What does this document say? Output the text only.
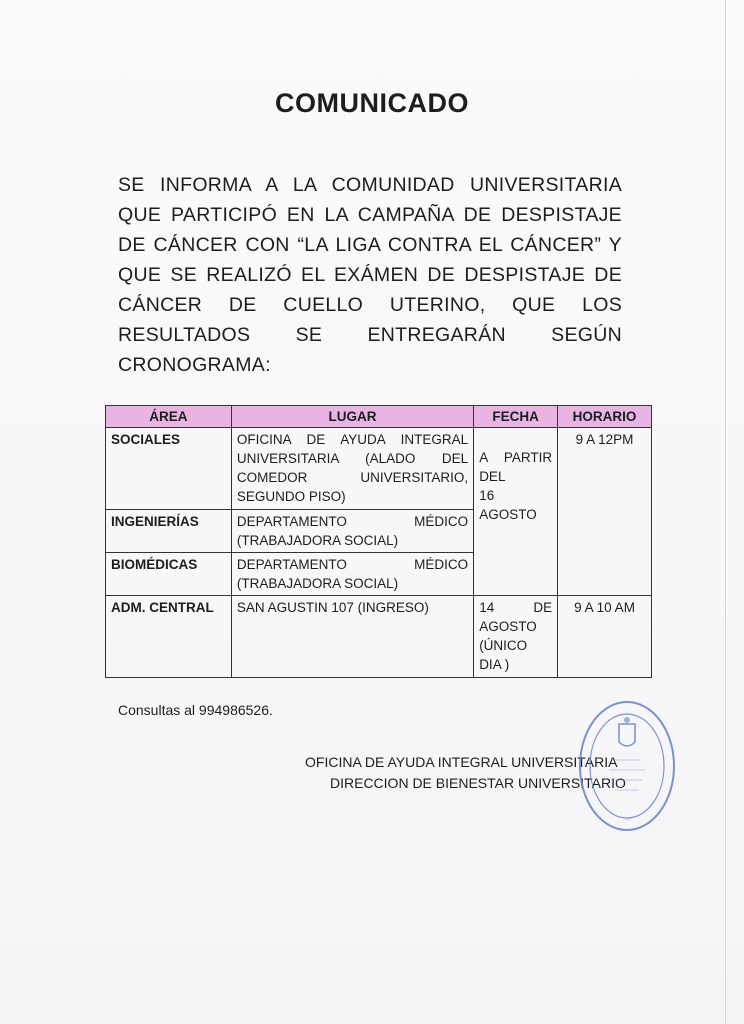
COMUNICADO
SE INFORMA A LA COMUNIDAD UNIVERSITARIA
QUE PARTICIPÓ EN LA CAMPAÑA DE DESPISTAJE
DE CÁNCER CON “LA LIGA CONTRA EL CÁNCER” Y
QUE SE REALIZÓ EL EXÁMEN DE DESPISTAJE DE
CÁNCER DE CUELLO UTERINO, QUE LOS
RESULTADOS SE ENTREGARÁN SEGÚN
CRONOGRAMA:
ÁREA	LUGAR	FECHA	HORARIO
SOCIALES	OFICINA DE AYUDA INTEGRAL
UNIVERSITARIA (ALADO DEL
COMEDOR UNIVERSITARIO,
SEGUNDO PISO)	A PARTIR
DEL
16
AGOSTO	9 A 12PM
INGENIERÍAS	DEPARTAMENTO MÉDICO
(TRABAJADORA SOCIAL)		

BIOMÉDICAS	DEPARTAMENTO MÉDICO
(TRABAJADORA SOCIAL)		

ADM. CENTRAL	SAN AGUSTIN 107 (INGRESO)	14 DE
AGOSTO
(ÚNICO
DIA )	9 A 10 AM
Consultas al 994986526.
OFICINA DE AYUDA INTEGRAL UNIVERSITARIA
DIRECCION DE BIENESTAR UNIVERSITARIO
~
